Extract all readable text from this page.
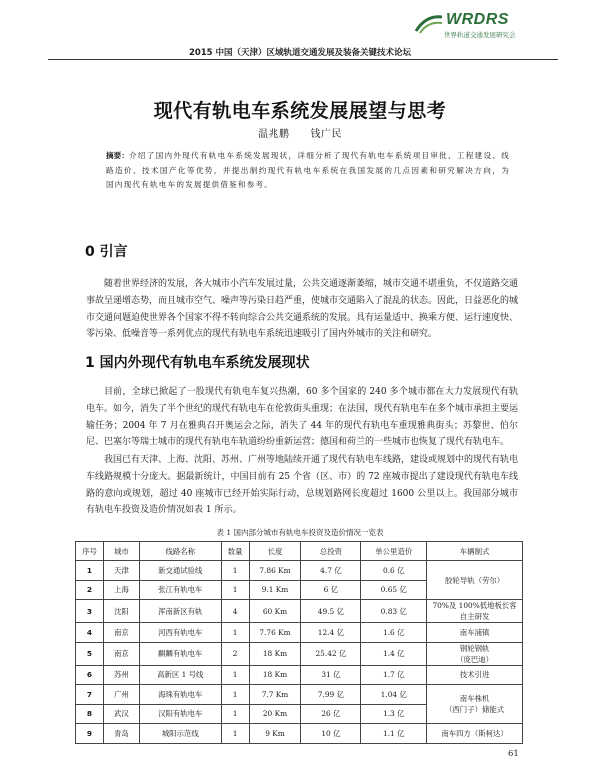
WRDRS
世界轨道交通发展研究会
2015 中国（天津）区域轨道交通发展及装备关键技术论坛
现代有轨电车系统发展展望与思考
温兆鹏　　钱广民
摘要：介绍了国内外现代有轨电车系统发展现状，详细分析了现代有轨电车系统项目审批、工程建设、线路造价、技术国产化等优势，并提出制约现代有轨电车系统在我国发展的几点因素和研究解决方向，为国内现代有轨电车的发展提供借鉴和参考。
0 引言

随着世界经济的发展，各大城市小汽车发展过量，公共交通逐渐萎缩，城市交通不堪重负，不仅道路交通事故呈递增态势，而且城市空气、噪声等污染日趋严重，使城市交通陷入了混乱的状态。因此，日益恶化的城市交通问题迫使世界各个国家不得不转向综合公共交通系统的发展。具有运量适中、换乘方便、运行速度快、零污染、低噪音等一系列优点的现代有轨电车系统迅速吸引了国内外城市的关注和研究。

1 国内外现代有轨电车系统发展现状

目前，全球已掀起了一股现代有轨电车复兴热潮，60 多个国家的 240 多个城市都在大力发展现代有轨电车。如今，消失了半个世纪的现代有轨电车在伦敦街头重现；在法国，现代有轨电车在多个城市承担主要运输任务；2004 年 7 月在雅典召开奥运会之际，消失了 44 年的现代有轨电车重现雅典街头；苏黎世、伯尔尼、巴塞尔等瑞士城市的现代有轨电车轨道纷纷重新运营；德国和荷兰的一些城市也恢复了现代有轨电车。

我国已有天津、上海、沈阳、苏州、广州等地陆续开通了现代有轨电车线路，建设或规划中的现代有轨电车线路规模十分庞大。据最新统计，中国目前有 25 个省（区、市）的 72 座城市提出了建设现代有轨电车线路的意向或规划，超过 40 座城市已经开始实际行动，总规划路网长度超过 1600 公里以上。我国部分城市有轨电车投资及造价情况如表 1 所示。

表 1 国内部分城市有轨电车投资及造价情况一览表
序号	城市	线路名称	数量	长度	总投资	单公里造价	车辆制式
1	天津	新交通试验线	1	7.86 Km	4.7 亿	0.6 亿	胶轮导轨（劳尔）
2	上海	张江有轨电车	1	9.1 Km	6 亿	0.65 亿	
3	沈阳	浑南新区有轨	4	60 Km	49.5 亿	0.83 亿	70%及 100%低地板长客自主研发
4	南京	河西有轨电车	1	7.76 Km	12.4 亿	1.6 亿	南车浦镇
5	南京	麒麟有轨电车	2	18 Km	25.42 亿	1.4 亿	钢轮钢轨
（庞巴迪）

6	苏州	高新区 1 号线	1	18 Km	31 亿	1.7 亿	技术引进
7	广州	海珠有轨电车	1	7.7 Km	7.99 亿	1.04 亿	南车株机
（西门子）储能式

8	武汉	汉阳有轨电车	1	20 Km	26 亿	1.3 亿	
9	青岛	城阳示范线	1	9 Km	10 亿	1.1 亿	南车四方（斯柯达）
61
